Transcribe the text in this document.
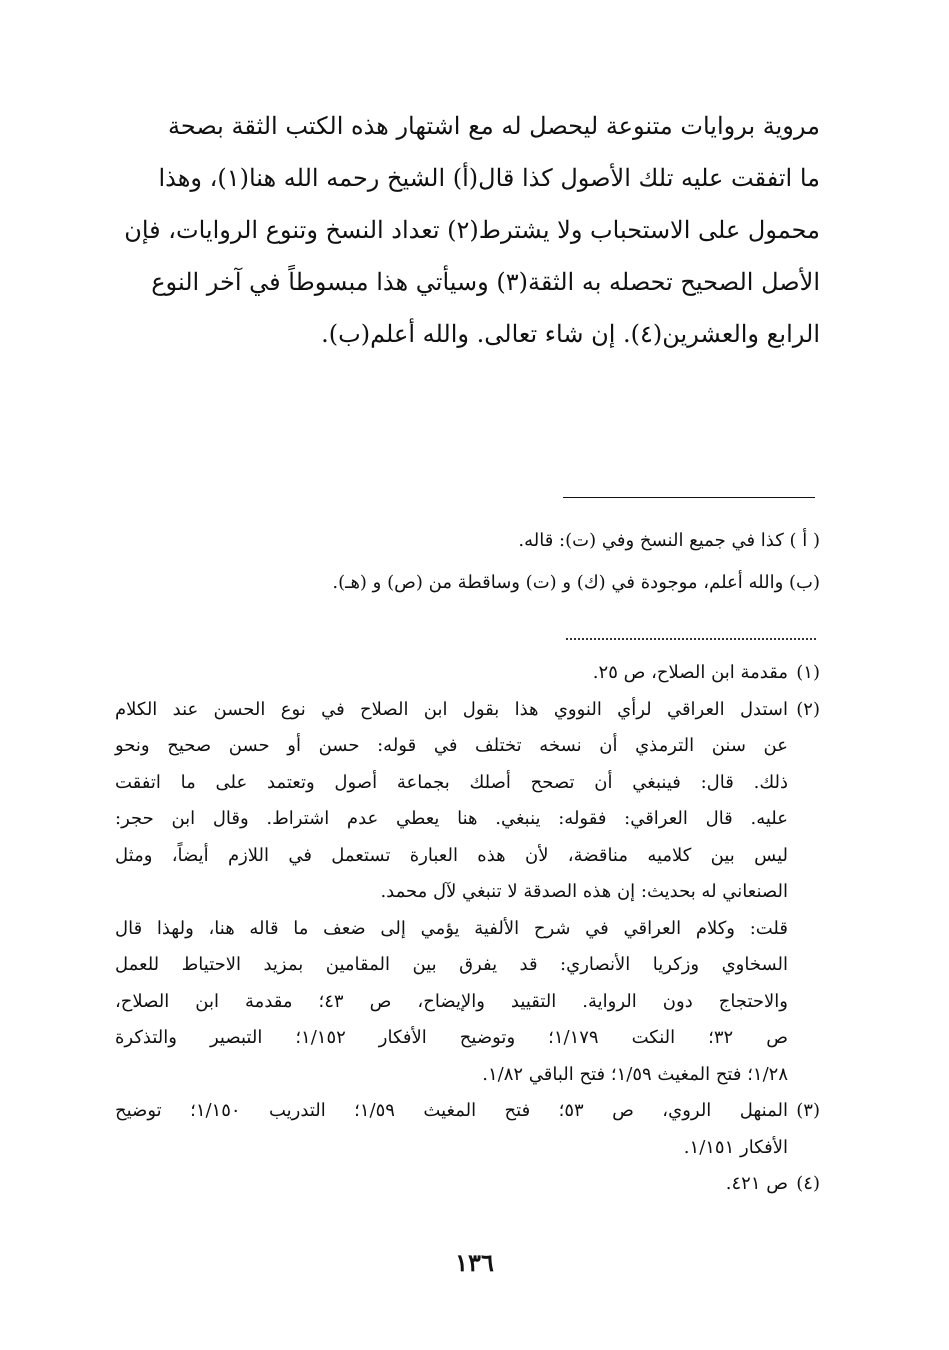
مروية بروايات متنوعة ليحصل له مع اشتهار هذه الكتب الثقة بصحة
ما اتفقت عليه تلك الأصول كذا قال(أ) الشيخ رحمه الله هنا(١)، وهذا
محمول على الاستحباب ولا يشترط(٢) تعداد النسخ وتنوع الروايات، فإن
الأصل الصحيح تحصله به الثقة(٣) وسيأتي هذا مبسوطاً في آخر النوع
الرابع والعشرين(٤). إن شاء تعالى. والله أعلم(ب).
( أ ) كذا في جميع النسخ وفي (ت): قاله.
(ب) والله أعلم، موجودة في (ك) و (ت) وساقطة من (ص) و (هـ).
(١)
مقدمة ابن الصلاح، ص ٢٥.
(٢)
استدل العراقي لرأي النووي هذا بقول ابن الصلاح في نوع الحسن عند الكلام
عن سنن الترمذي أن نسخه تختلف في قوله: حسن أو حسن صحيح ونحو
ذلك. قال: فينبغي أن تصحح أصلك بجماعة أصول وتعتمد على ما اتفقت
عليه. قال العراقي: فقوله: ينبغي. هنا يعطي عدم اشتراط. وقال ابن حجر:
ليس بين كلاميه مناقضة، لأن هذه العبارة تستعمل في اللازم أيضاً، ومثل
الصنعاني له بحديث: إن هذه الصدقة لا تنبغي لآل محمد.
قلت: وكلام العراقي في شرح الألفية يؤمي إلى ضعف ما قاله هنا، ولهذا قال
السخاوي وزكريا الأنصاري: قد يفرق بين المقامين بمزيد الاحتياط للعمل
والاحتجاج دون الرواية. التقييد والإيضاح، ص ٤٣؛ مقدمة ابن الصلاح،
ص ٣٢؛ النكت ١/١٧٩؛ وتوضيح الأفكار ١/١٥٢؛ التبصير والتذكرة
١/٢٨؛ فتح المغيث ١/٥٩؛ فتح الباقي ١/٨٢.
(٣)
المنهل الروي، ص ٥٣؛ فتح المغيث ١/٥٩؛ التدريب ١/١٥٠؛ توضيح
الأفكار ١/١٥١.
(٤)
ص ٤٢١.
١٣٦
